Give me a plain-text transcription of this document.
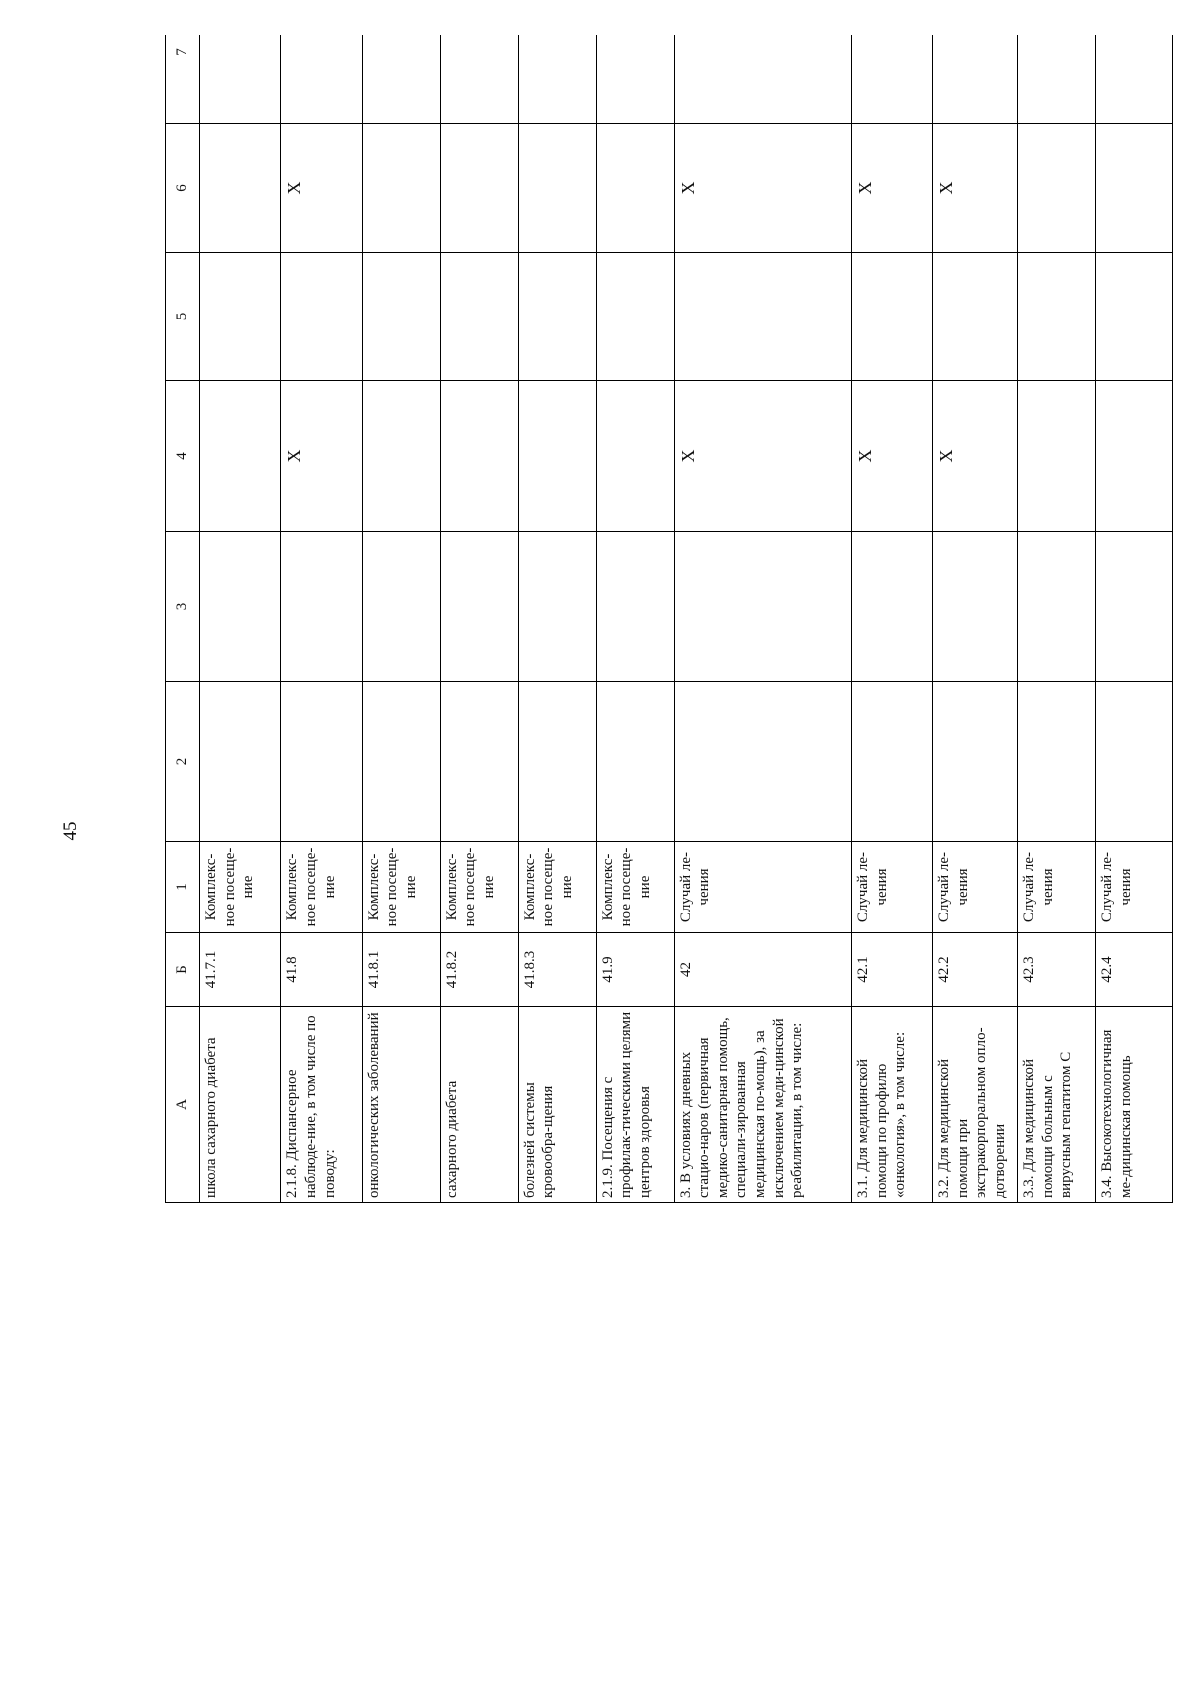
45
А	Б	1	2	3	4	5	6	7	
школа сахарного диабета	41.7.1	Комплекс-ное посеще-ние							
2.1.8. Диспансерное наблюде-ние, в том числе по поводу:	41.8	Комплекс-ное посеще-ние			X		X		
онкологических заболеваний	41.8.1	Комплекс-ное посеще-ние							
сахарного диабета	41.8.2	Комплекс-ное посеще-ние							
болезней системы кровообра-щения	41.8.3	Комплекс-ное посеще-ние							
2.1.9. Посещения с профилак-тическими целями центров здоровья	41.9	Комплекс-ное посеще-ние							
3. В условиях дневных стацио-наров (первичная медико-санитарная помощь, специали-зированная медицинская по-мощь), за исключением меди-цинской реабилитации, в том числе:	42	Случай ле-чения			X		X		
3.1. Для медицинской помощи по профилю «онкология», в том числе:	42.1	Случай ле-чения			X		X		
3.2. Для медицинской помощи при экстракорпоральном опло-дотворении	42.2	Случай ле-чения			X		X		
3.3. Для медицинской помощи больным с вирусным гепатитом С	42.3	Случай ле-чения							
3.4. Высокотехнологичная ме-дицинская помощь	42.4	Случай ле-чения							
